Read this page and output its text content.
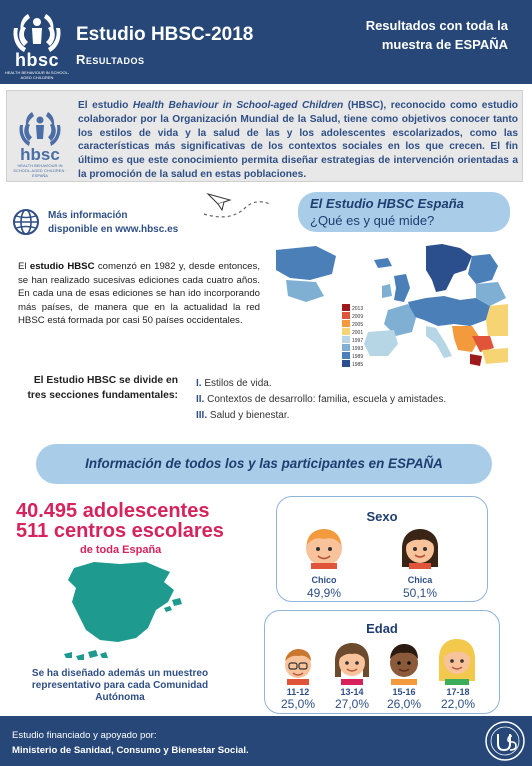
hbsc
HEALTH BEHAVIOUR IN SCHOOL-AGED CHILDREN
Estudio HBSC-2018
Resultados
Resultados con toda la muestra de ESPAÑA
hbsc
HEALTH BEHAVIOUR IN SCHOOL-AGED CHILDREN · ESPAÑA
El estudio Health Behaviour in School-aged Children (HBSC), reconocido como estudio colaborador por la Organización Mundial de la Salud, tiene como objetivos conocer tanto los estilos de vida y la salud de las y los adolescentes escolarizados, como las características más significativas de los contextos sociales en los que crecen. El fin último es que este conocimiento permita diseñar estrategias de intervención orientadas a la promoción de la salud en estas poblaciones.
Más información
disponible en www.hbsc.es
El Estudio HBSC España
¿Qué es y qué mide?
El estudio HBSC comenzó en 1982 y, desde entonces, se han realizado sucesivas ediciones cada cuatro años. En cada una de esas ediciones se han ido incorporando más países, de manera que en la actualidad la red HBSC está formada por casi 50 países occidentales.
2013
2009
2005
2001
1997
1993
1989
1985
El Estudio HBSC se divide en tres secciones fundamentales:
I. Estilos de vida.
II. Contextos de desarrollo: familia, escuela y amistades.
III. Salud y bienestar.
Información de todos los y las participantes en ESPAÑA
40.495 adolescentes
511 centros escolares
de toda España
Se ha diseñado además un muestreo representativo para cada Comunidad Autónoma
Sexo
Chico
49,9%
Chica
50,1%
Edad
11-12
25,0%
13-14
27,0%
15-16
26,0%
17-18
22,0%
Estudio financiado y apoyado por:
Ministerio de Sanidad, Consumo y Bienestar Social.
